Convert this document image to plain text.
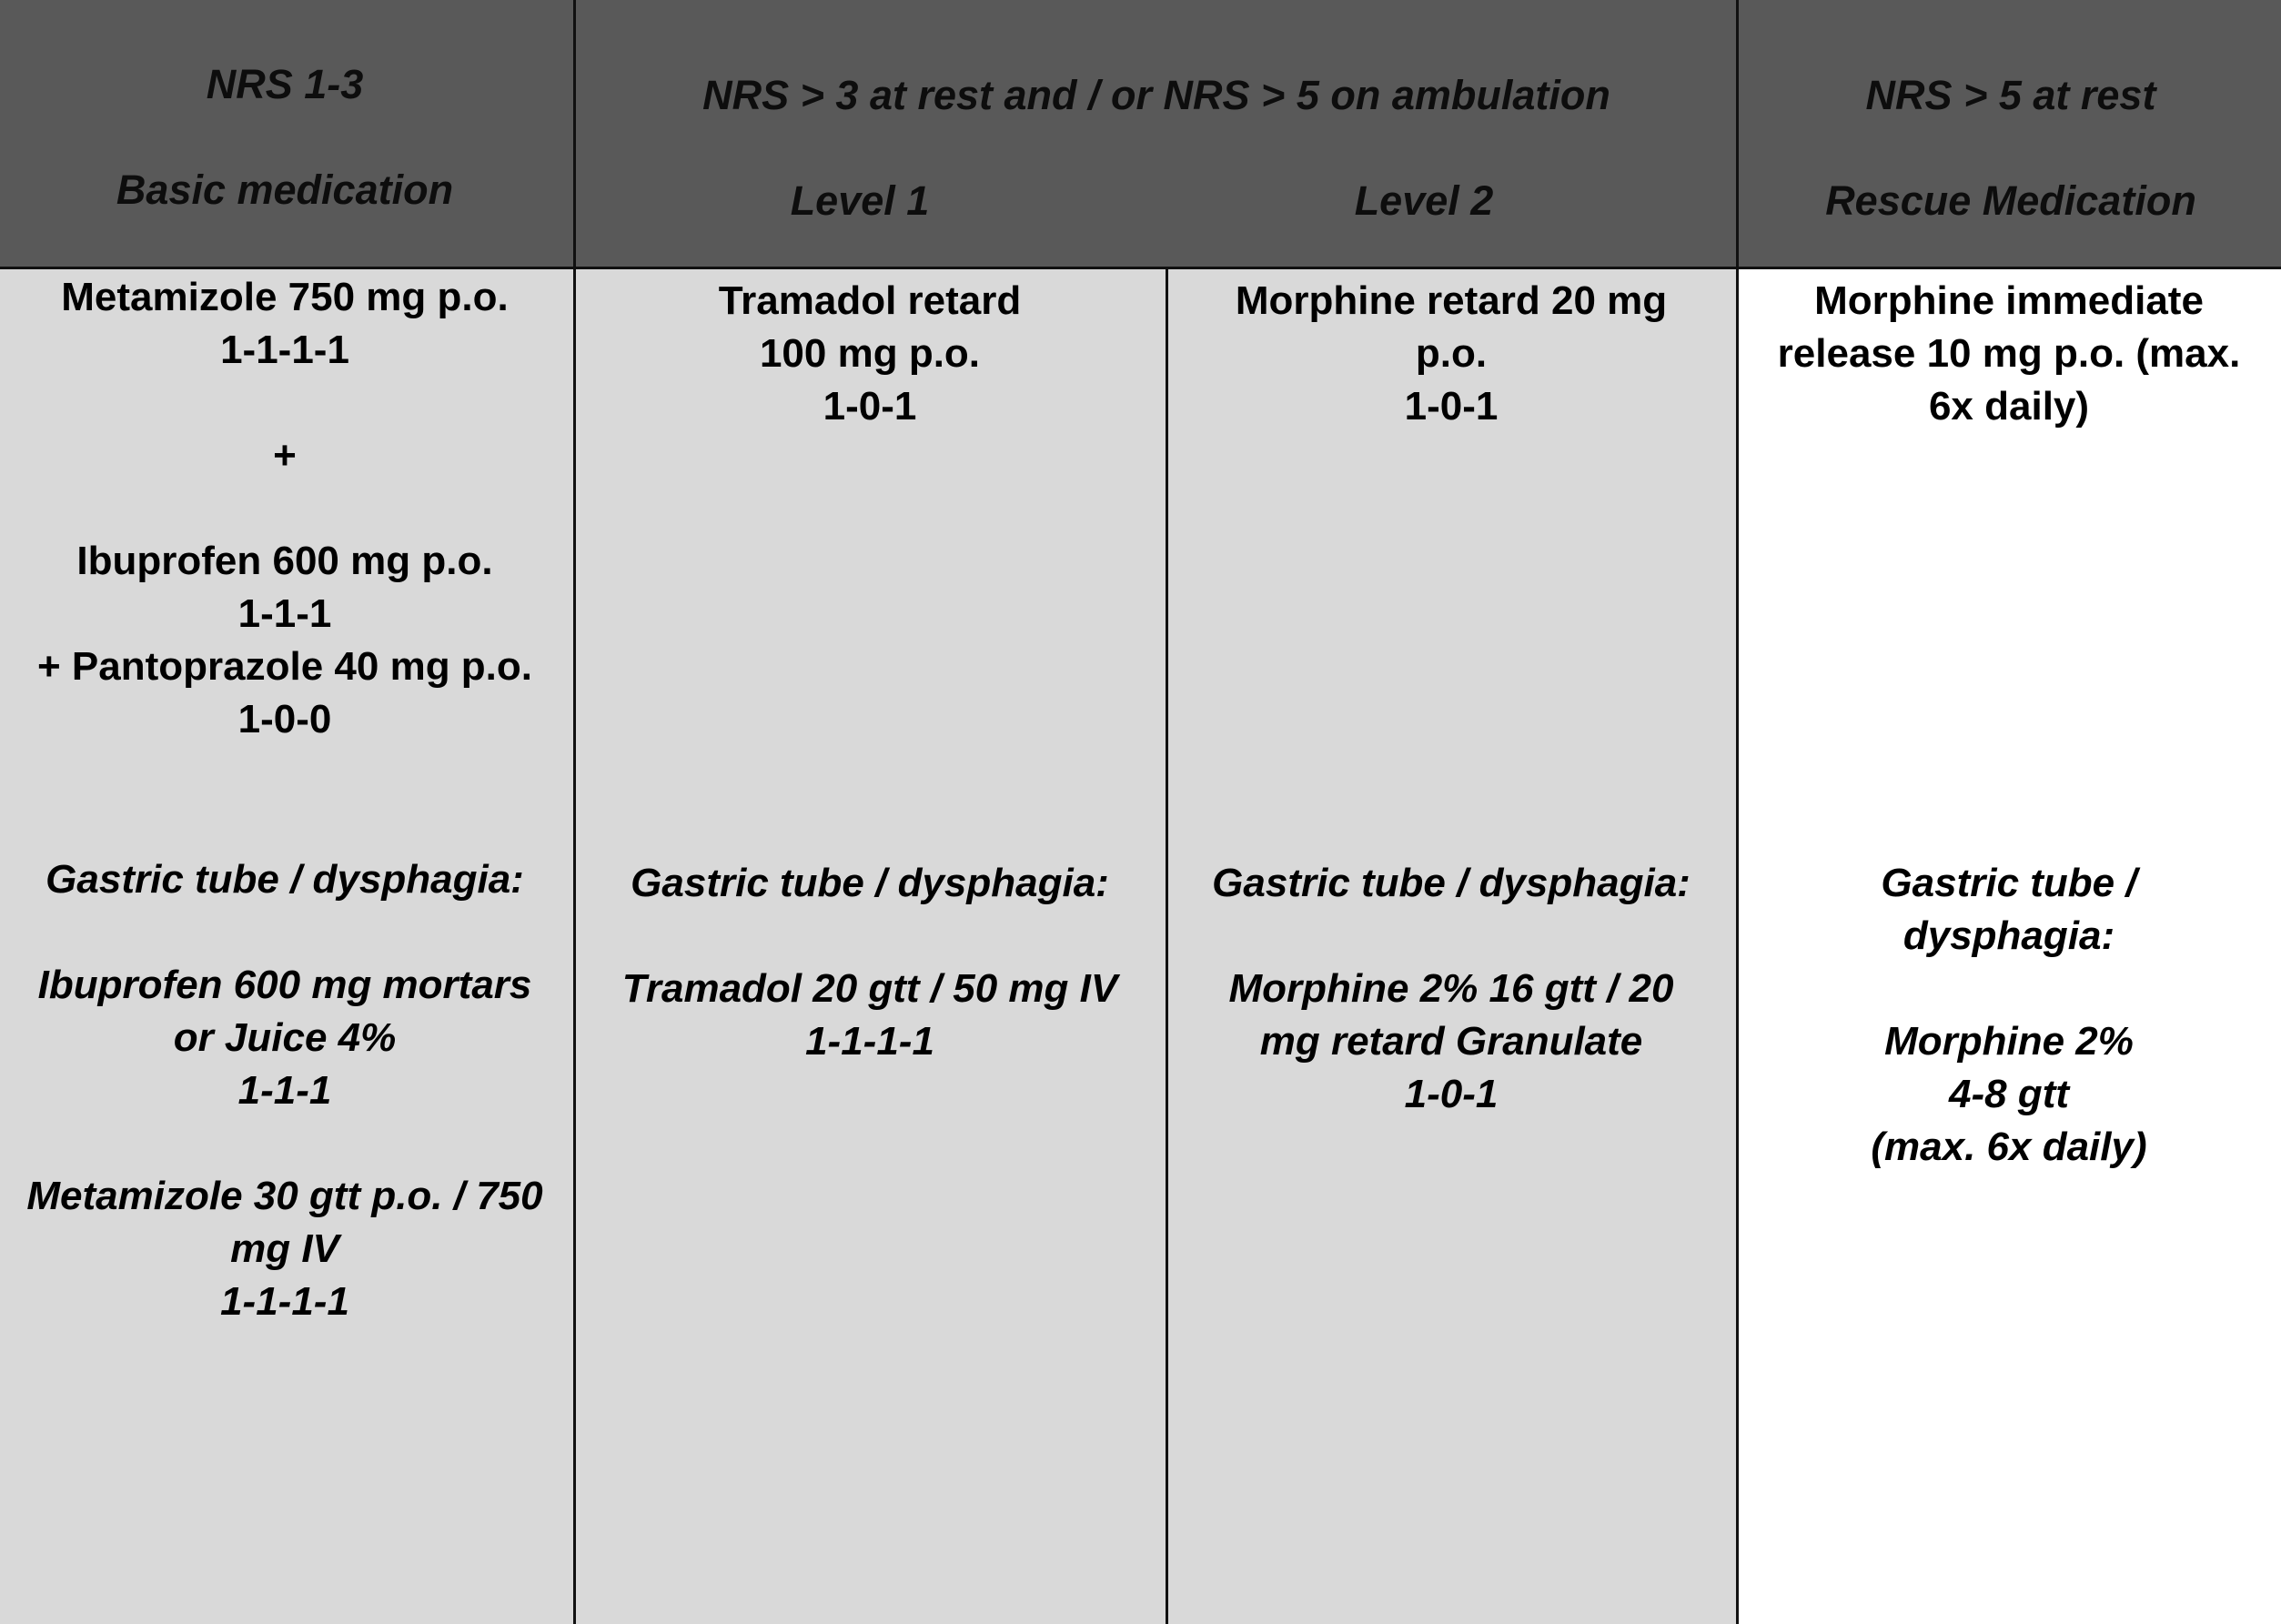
NRS 1-3
Basic medication
NRS > 3 at rest and / or NRS > 5 on ambulation
Level 1	Level 2
NRS > 5 at rest
Rescue Medication
Metamizole 750 mg p.o.
1-1-1-1
+
Ibuprofen 600 mg p.o.
1-1-1
+ Pantoprazole 40 mg p.o.
1-0-0
Gastric tube / dysphagia:
Ibuprofen 600 mg mortars
or Juice 4%
1-1-1
Metamizole 30 gtt p.o. / 750
mg IV
1-1-1-1
Tramadol retard
100 mg p.o.
1-0-1
Gastric tube / dysphagia:
Tramadol 20 gtt / 50 mg IV
1-1-1-1
Morphine retard 20 mg
p.o.
1-0-1
Gastric tube / dysphagia:
Morphine 2% 16 gtt / 20
mg retard Granulate
1-0-1
Morphine immediate
release 10 mg p.o. (max.
6x daily)
Gastric tube /
dysphagia:
Morphine 2%
4-8 gtt
(max. 6x daily)
